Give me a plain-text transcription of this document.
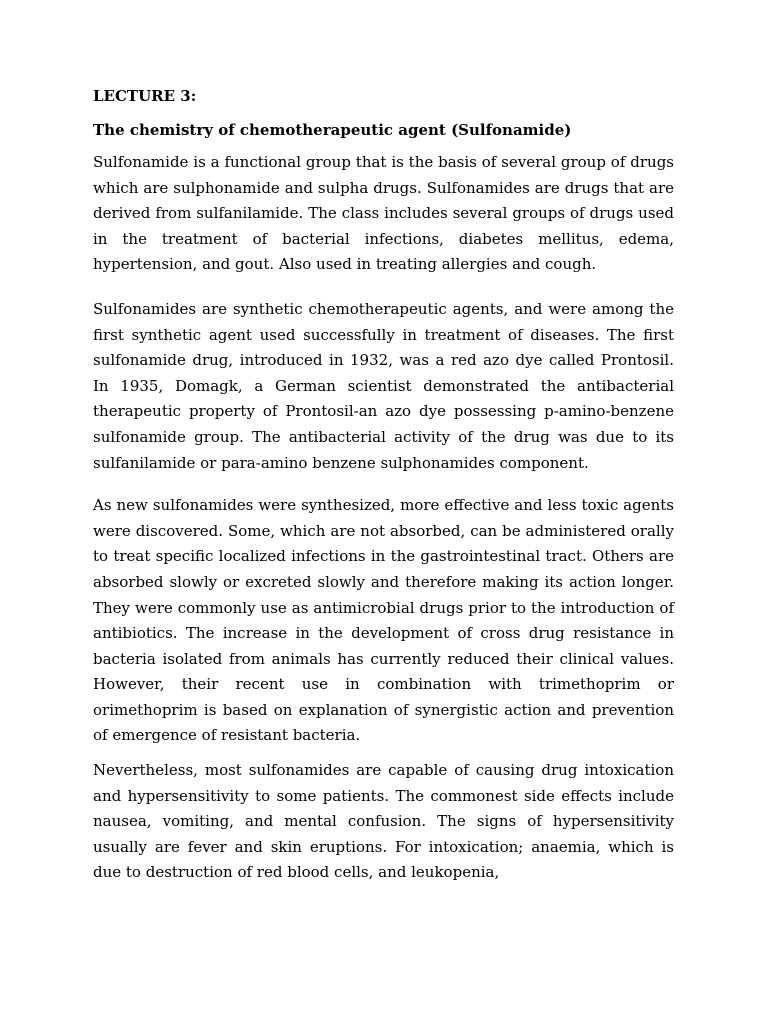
LECTURE 3:

The chemistry of chemotherapeutic agent (Sulfonamide)

Sulfonamide is a functional group that is the basis of several group of drugs which are sulphonamide and sulpha drugs. Sulfonamides are drugs that are derived from sulfanilamide. The class includes several groups of drugs used in the treatment of bacterial infections, diabetes mellitus, edema, hypertension, and gout. Also used in treating allergies and cough.

Sulfonamides are synthetic chemotherapeutic agents, and were among the first synthetic agent used successfully in treatment of diseases. The first sulfonamide drug, introduced in 1932, was a red azo dye called Prontosil. In 1935, Domagk, a German scientist demonstrated the antibacterial therapeutic property of Prontosil-an azo dye possessing p-amino-benzene sulfonamide group. The antibacterial activity of the drug was due to its sulfanilamide or para-amino benzene sulphonamides component.

As new sulfonamides were synthesized, more effective and less toxic agents were discovered. Some, which are not absorbed, can be administered orally to treat specific localized infections in the gastrointestinal tract. Others are absorbed slowly or excreted slowly and therefore making its action longer. They were commonly use as antimicrobial drugs prior to the introduction of antibiotics. The increase in the development of cross drug resistance in bacteria isolated from animals has currently reduced their clinical values. However, their recent use in combination with trimethoprim or orimethoprim is based on explanation of synergistic action and prevention of emergence of resistant bacteria.

Nevertheless, most sulfonamides are capable of causing drug intoxication and hypersensitivity to some patients. The commonest side effects include nausea, vomiting, and mental confusion. The signs of hypersensitivity usually are fever and skin eruptions. For intoxication; anaemia, which is due to destruction of red blood cells, and leukopenia,
